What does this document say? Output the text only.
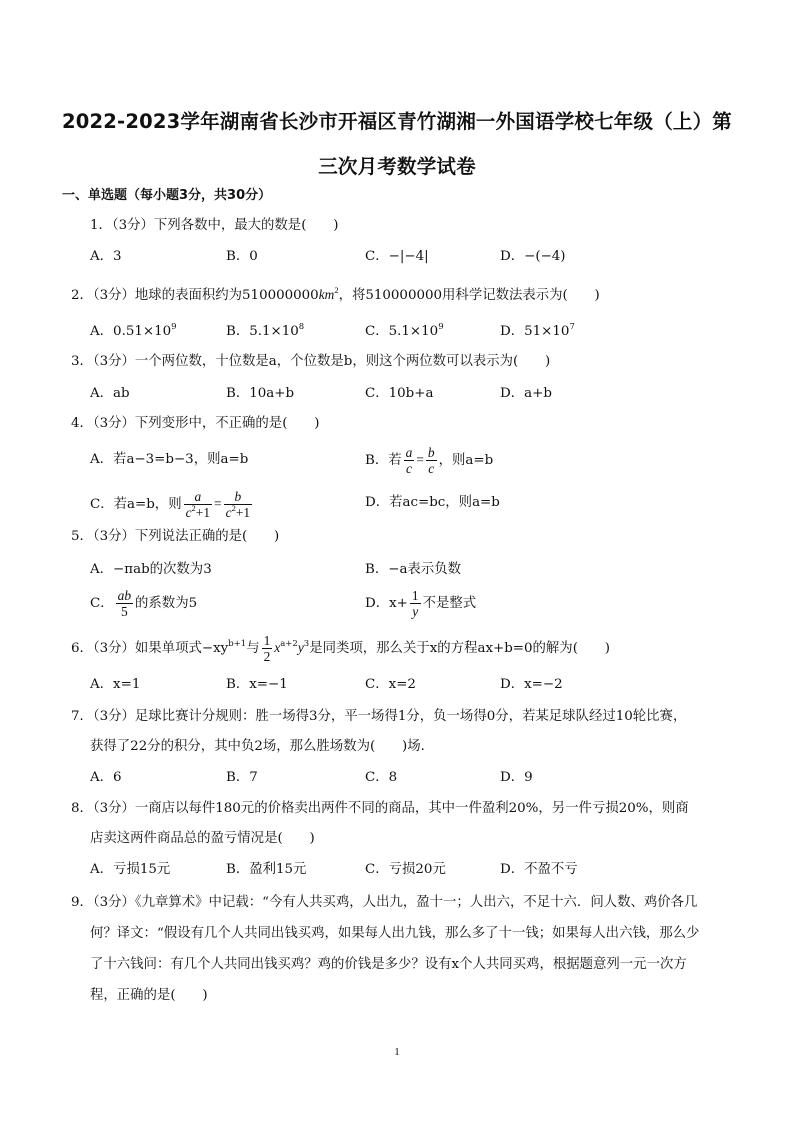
2022-2023学年湖南省长沙市开福区青竹湖湘一外国语学校七年级（上）第
三次月考数学试卷
一、单选题（每小题3分，共30分）
1．（3分）下列各数中，最大的数是(　　)
A．3	B．0	C．−|−4|	D．−(−4)
2．（3分）地球的表面积约为$510000000km^2$，将510000000用科学记数法表示为(　　)
A．$0.51\times 10^9$	B．$5.1\times 10^8$	C．$5.1\times 10^9$	D．$51\times 10^7$
3．（3分）一个两位数，十位数是a，个位数是b，则这个两位数可以表示为(　　)
A．ab	B．10a+b	C．10b+a	D．a+b
4．（3分）下列变形中，不正确的是(　　)
A．若a−3=b−3，则a=b	B．若 $\frac{a}{c} = \frac{b}{c}$ ，则a=b
C．若a=b，则 $\frac{a}{c^2+1} = \frac{b}{c^2+1}$	D．若ac=bc，则a=b
5．（3分）下列说法正确的是(　　)
A．−πab的次数为3	B．−a表示负数
C． $\frac{ab}{5}$ 的系数为5	D．$x+ \frac{1}{y}$ 不是整式
6．（3分）如果单项式$-xy^{b+1}$与 $\frac{1}{2} x^{a+2}y^3$是同类项，那么关于x的方程ax+b=0的解为(　　)
A．x=1	B．x=−1	C．x=2	D．x=−2
7．（3分）足球比赛计分规则：胜一场得3分，平一场得1分，负一场得0分，若某足球队经过10轮比赛，
获得了22分的积分，其中负2场，那么胜场数为(　　)场．
A．6	B．7	C．8	D．9
8．（3分）一商店以每件180元的价格卖出两件不同的商品，其中一件盈利20%，另一件亏损20%，则商
店卖这两件商品总的盈亏情况是(　　)
A．亏损15元	B．盈利15元	C．亏损20元	D．不盈不亏
9．（3分）《九章算术》中记载：“今有人共买鸡，人出九，盈十一；人出六，不足十六．问人数、鸡价各几
何？译文：“假设有几个人共同出钱买鸡，如果每人出九钱，那么多了十一钱；如果每人出六钱，那么少
了十六钱问：有几个人共同出钱买鸡？鸡的价钱是多少？设有x个人共同买鸡，根据题意列一元一次方
程，正确的是(　　)
1
